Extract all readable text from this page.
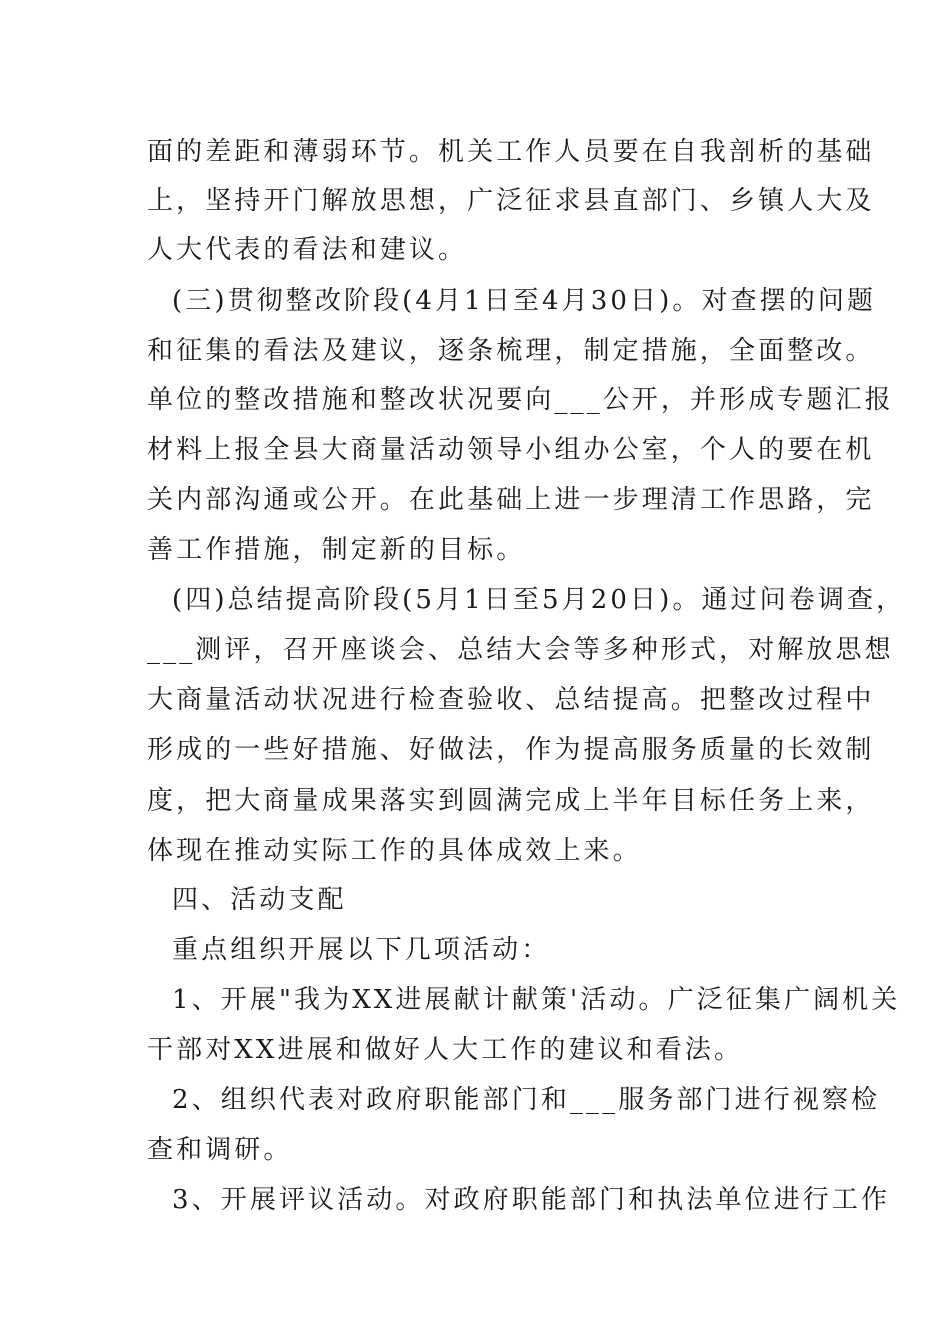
面的差距和薄弱环节。机关工作人员要在自我剖析的基础
上，坚持开门解放思想，广泛征求县直部门、乡镇人大及
人大代表的看法和建议。
(三)贯彻整改阶段(4月1日至4月30日)。对查摆的问题
和征集的看法及建议，逐条梳理，制定措施，全面整改。
单位的整改措施和整改状况要向___公开，并形成专题汇报
材料上报全县大商量活动领导小组办公室，个人的要在机
关内部沟通或公开。在此基础上进一步理清工作思路，完
善工作措施，制定新的目标。
(四)总结提高阶段(5月1日至5月20日)。通过问卷调查，
___测评，召开座谈会、总结大会等多种形式，对解放思想
大商量活动状况进行检查验收、总结提高。把整改过程中
形成的一些好措施、好做法，作为提高服务质量的长效制
度，把大商量成果落实到圆满完成上半年目标任务上来，
体现在推动实际工作的具体成效上来。
四、活动支配
重点组织开展以下几项活动：
1、开展"我为XX进展献计献策'活动。广泛征集广阔机关
干部对XX进展和做好人大工作的建议和看法。
2、组织代表对政府职能部门和___服务部门进行视察检
查和调研。
3、开展评议活动。对政府职能部门和执法单位进行工作
